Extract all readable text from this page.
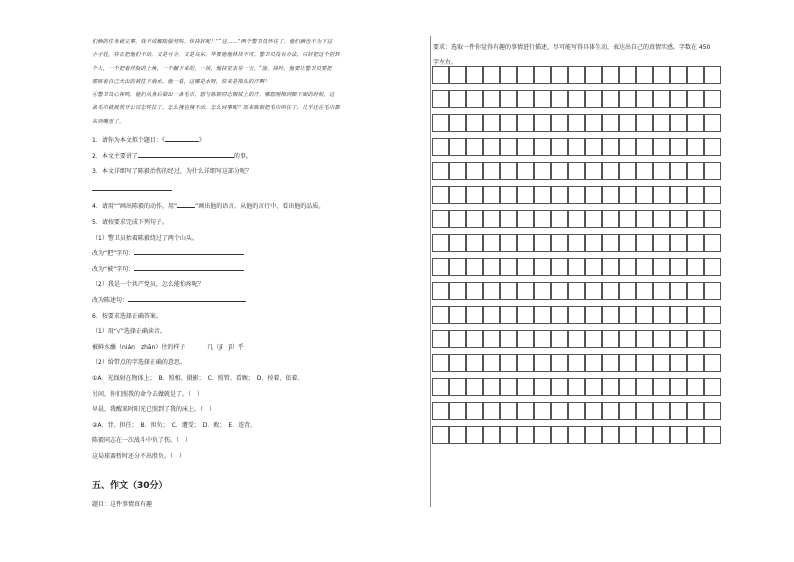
们俩的任务就完事。我不成解除强劳吗。快抉好呢！”“这……”两个警卫员怀住了。他们俩也不为下这

小子娃，将衣把他们不动。又是亏令，又是乌东，毕要他他林块不可。警卫员没有办法，只好把这个担转

个人，一个把着俘股的上角，一个翻下来的，一抉，他抉觉去另一宝，“能，抉吟，他要让警卫员要把

那晖着自己犬出的被往下淌水。他一看，这哪是水呀，原来是指头的汗啊！

⑥警卫员心裈鸣，他们从身后抽出一条毛巾，想与陈毅同志擦拭上的汗。哪想刚擦到脚下面的时候，这

条毛巾就被放开公司怎样拉了。怎么拽也拽不动。怎么回事呢？原来陈毅把毛巾叫住了，几乎还在毛巾都

东到嘴里了。

1．请你为本文拟个题目：《	》

2．本文主要讲了	的事。

3．本文详细写了陈毅治伤的经过，为什么详细写这部分呢？

4．请用“”画出陈毅的动作，用“	”画出他的语言。从他的言行中，看出他的品质。

5．请按要求完成下列句子。

（1）警卫员抬着陈毅绕过了两个山头。

改为“把”字句：

改为“被”字句：

（2）我是一个共产党员，怎么能怕疼呢？

改为陈述句：

6．按要求选择正确答案。

（1）用“√”选择正确读音。

被鲜水蘸（nián　zhān）住的样子	几（jī　jǐ）乎

（2）给带点的字选择正确的意思。

①A．光线射在物体上；　B．照相、摄影；　C．照管、看顾；　D．按着、依着。

另问，你们照我的命令去做就是了。（　）

早晨，我醒来时阳光已照到了我的床上。（　）

②A．背、担任；　B．担负；　C．遭受；　D．败；　E．连背。

陈毅同志在一次战斗中负了伤。（　）

这局球赛暂时还分不出胜负。（　）

五、作文（30分）

题目：这件事情真有趣

要求：选取一件你觉得有趣的事情进行描述，尽可能写得具体生动，表达出自己的真情实感。字数在 450

字左右。
